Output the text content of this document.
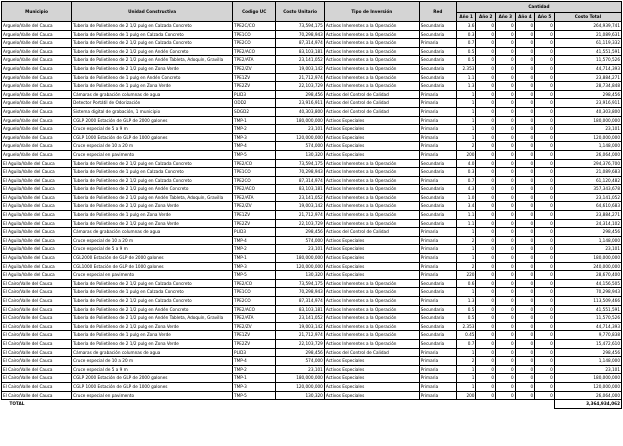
Municipio	Unidad Constructiva	Codigo UC	Costo Unitario	Tipo de Inversión	Red	Cantidad					
						Año 1	Año 2	Año 3	Año 4	Año 5	Costo Total
Arguelo/Valle del Cauca	Tubería de Polietileno de 2 1/2 pulg en Calzada Concreto	TPE2C/CO	73,594,175	Activos Inherentes a la Operación	Secundaria	3.6	0	0	0	0	264,939,741
Arguelo/Valle del Cauca	Tubería de Polietileno de 1 pulg en Calzada Concreto	TPE1CO	70,298,943	Activos Inherentes a la Operación	Secundaria	0.3	0	0	0	0	21,089,631
Arguelo/Valle del Cauca	Tubería de Polietileno de 2 1/2 pulg en Calzada Concreto	TPE2CO	87,314,974	Activos Inherentes a la Operación	Primaria	0.7	0	0	0	0	61,119,332
Arguelo/Valle del Cauca	Tubería de Polietileno de 2 1/2 pulg en Andén Concreto	TPE2/ACO	83,103,181	Activos Inherentes a la Operación	Secundaria	0.5	0	0	0	0	41,551,591
Arguelo/Valle del Cauca	Tubería de Polietileno de 2 1/2 pulg en Andén Tableta, Adoquín, Gravilla	TPE2/ATA	23,141,052	Activos Inherentes a la Operación	Secundaria	0.5	0	0	0	0	11,570,526
Arguelo/Valle del Cauca	Tubería de Polietileno de 2 1/2 pulg en Zona Verde	TPE2/ZV	19,003,142	Activos Inherentes a la Operación	Secundaria	2.353	0	0	0	0	44,714,393
Arguelo/Valle del Cauca	Tubería de Polietileno de 1 pulg en Andén Concreto	TPE1ZV	21,712,974	Activos Inherentes a la Operación	Secundaria	1.1	0	0	0	0	23,884,271
Arguelo/Valle del Cauca	Tubería de Polietileno de 1 pulg en Zona Verde	TPE2ZV	22,103,729	Activos Inherentes a la Operación	Secundaria	1.3	0	0	0	0	28,734,848
Arguelo/Valle del Cauca	Cámaras de grabación columnas de agua	PLID3	298,456	Activos del Control de Calidad	Primaria	1	0	0	0	0	298,456
Arguelo/Valle del Cauca	Detector Portátil de Odorización	ODD2	23,916,911	Activos del Control de Calidad	Primaria	1	0	0	0	0	23,916,911
Arguelo/Valle del Cauca	Sistema digital de grabación, 1 municipio	SDGD2	40,303,800	Activos del Control de Calidad	Primaria	1	0	0	0	0	40,303,800
Arguelo/Valle del Cauca	CGLP 2000 Estación de GLP de 2000 galones	TMP-1	180,000,000	Activos Especiales	Primaria	1	0	0	0	0	180,000,000
Arguelo/Valle del Cauca	Cruce especial de 5 a 9 m	TMP-2	23,101	Activos Especiales	Primaria	1	0	0	0	0	23,101
Arguelo/Valle del Cauca	CGLP 1000 Estación de GLP de 1000 galones	TMP-3	120,000,000	Activos Especiales	Primaria	1	0	0	0	0	120,000,000
Arguelo/Valle del Cauca	Cruce especial de 10 a 20 m	TMP-4	574,000	Activos Especiales	Primaria	2	0	0	0	0	1,148,000
Arguelo/Valle del Cauca	Cruce especial en pavimento	TMP-5	130,320	Activos Especiales	Primaria	200	0	0	0	0	26,064,000
El Aguila/Valle del Cauca	Tubería de Polietileno de 2 1/2 pulg en Calzada Concreto	TPE2/CO	73,594,175	Activos Inherentes a la Operación	Secundaria	4.0	0	0	0	0	294,376,700
El Aguila/Valle del Cauca	Tubería de Polietileno de 1 pulg en Calzada Concreto	TPE1CO	70,298,943	Activos Inherentes a la Operación	Secundaria	0.3	0	0	0	0	21,089,683
El Aguila/Valle del Cauca	Tubería de Polietileno de 2 1/2 pulg en Calzada Concreto	TPE2CO	87,314,974	Activos Inherentes a la Operación	Primaria	0.7	0	0	0	0	61,120,482
El Aguila/Valle del Cauca	Tubería de Polietileno de 2 1/2 pulg en Andén Concreto	TPE2/ACO	83,103,181	Activos Inherentes a la Operación	Secundaria	4.3	0	0	0	0	357,343,678
El Aguila/Valle del Cauca	Tubería de Polietileno de 2 1/2 pulg en Andén Tableta, Adoquín, Gravilla	TPE2/ATA	23,141,052	Activos Inherentes a la Operación	Secundaria	1.0	0	0	0	0	23,141,052
El Aguila/Valle del Cauca	Tubería de Polietileno de 2 1/2 pulg en Zona Verde	TPE2/ZV	19,003,142	Activos Inherentes a la Operación	Secundaria	3.4	0	0	0	0	64,610,683
El Aguila/Valle del Cauca	Tubería de Polietileno de 1 pulg en Zona Verde	TPE1ZV	21,712,974	Activos Inherentes a la Operación	Secundaria	1.1	0	0	0	0	23,884,271
El Aguila/Valle del Cauca	Tubería de Polietileno de 2 1/2 pulg en Zona Verde	TPE2ZV	22,103,729	Activos Inherentes a la Operación	Secundaria	1.1	0	0	0	0	24,314,102
El Aguila/Valle del Cauca	Cámaras de grabación columnas de agua	PLID3	298,456	Activos del Control de Calidad	Primaria	1	0	0	0	0	298,456
El Aguila/Valle del Cauca	Cruce especial de 10 a 20 m	TMP-4	574,000	Activos Especiales	Primaria	2	0	0	0	0	1,148,000
El Aguila/Valle del Cauca	Cruce especial de 5 a 9 m	TMP-2	23,101	Activos Especiales	Primaria	1	0	0	0	0	23,101
El Aguila/Valle del Cauca	CGL2000 Estación de GLP de 2000 galones	TMP-1	180,000,000	Activos Especiales	Primaria	1	0	0	0	0	180,000,000
El Aguila/Valle del Cauca	CGL1000 Estación de GLP de 1000 galones	TMP-3	120,000,000	Activos Especiales	Primaria	2	0	0	0	0	240,000,000
El Aguila/Valle del Cauca	Cruce especial en pavimento	TMP-5	130,320	Activos Especiales	Primaria	220	0	0	0	0	28,670,400
El Cairo/Valle del Cauca	Tubería de Polietileno de 2 1/2 pulg en Calzada Concreto	TPE2/CO	73,594,175	Activos Inherentes a la Operación	Secundaria	0.6	0	0	0	0	44,156,505
El Cairo/Valle del Cauca	Tubería de Polietileno de 1 pulg en Calzada Concreto	TPE1CO	70,298,943	Activos Inherentes a la Operación	Secundaria	1	0	0	0	0	70,298,943
El Cairo/Valle del Cauca	Tubería de Polietileno de 2 1/2 pulg en Calzada Concreto	TPE2CO	87,314,974	Activos Inherentes a la Operación	Primaria	1.3	0	0	0	0	113,509,466
El Cairo/Valle del Cauca	Tubería de Polietileno de 2 1/2 pulg en Andén Concreto	TPE2/ACO	83,103,181	Activos Inherentes a la Operación	Secundaria	0.5	0	0	0	0	41,551,591
El Cairo/Valle del Cauca	Tubería de Polietileno de 2 1/2 pulg en Andén Tableta, Adoquín, Gravilla	TPE2/ATA	23,141,052	Activos Inherentes a la Operación	Secundaria	0.5	0	0	0	0	11,570,526
El Cairo/Valle del Cauca	Tubería de Polietileno de 2 1/2 pulg en Zona Verde	TPE2/ZV	19,003,142	Activos Inherentes a la Operación	Secundaria	2.353	0	0	0	0	44,714,393
El Cairo/Valle del Cauca	Tubería de Polietileno de 1 pulg en Zona Verde	TPE1ZV	21,712,974	Activos Inherentes a la Operación	Secundaria	0.45	0	0	0	0	9,770,838
El Cairo/Valle del Cauca	Tubería de Polietileno de 2 1/2 pulg en Zona Verde	TPE2ZV	22,103,729	Activos Inherentes a la Operación	Secundaria	0.7	0	0	0	0	15,472,610
El Cairo/Valle del Cauca	Cámaras de grabación columnas de agua	PLID3	298,456	Activos del Control de Calidad	Primaria	1	0	0	0	0	298,456
El Cairo/Valle del Cauca	Cruce especial de 10 a 20 m	TMP-4	574,000	Activos Especiales	Primaria	2	0	0	0	0	1,148,000
El Cairo/Valle del Cauca	Cruce especial de 5 a 9 m	TMP-2	23,101	Activos Especiales	Primaria	1	0	0	0	0	23,101
El Cairo/Valle del Cauca	CGLP 2000 Estación de GLP de 2000 galones	TMP-1	180,000,000	Activos Especiales	Primaria	1	0	0	0	0	180,000,000
El Cairo/Valle del Cauca	CGLP 1000 Estación de GLP de 1000 galones	TMP-3	120,000,000	Activos Especiales	Primaria	1	0	0	0	0	120,000,000
El Cairo/Valle del Cauca	Cruce especial en pavimento	TMP-5	130,320	Activos Especiales	Primaria	200	0	0	0	0	26,064,000
TOTAL											3,364,934,062
